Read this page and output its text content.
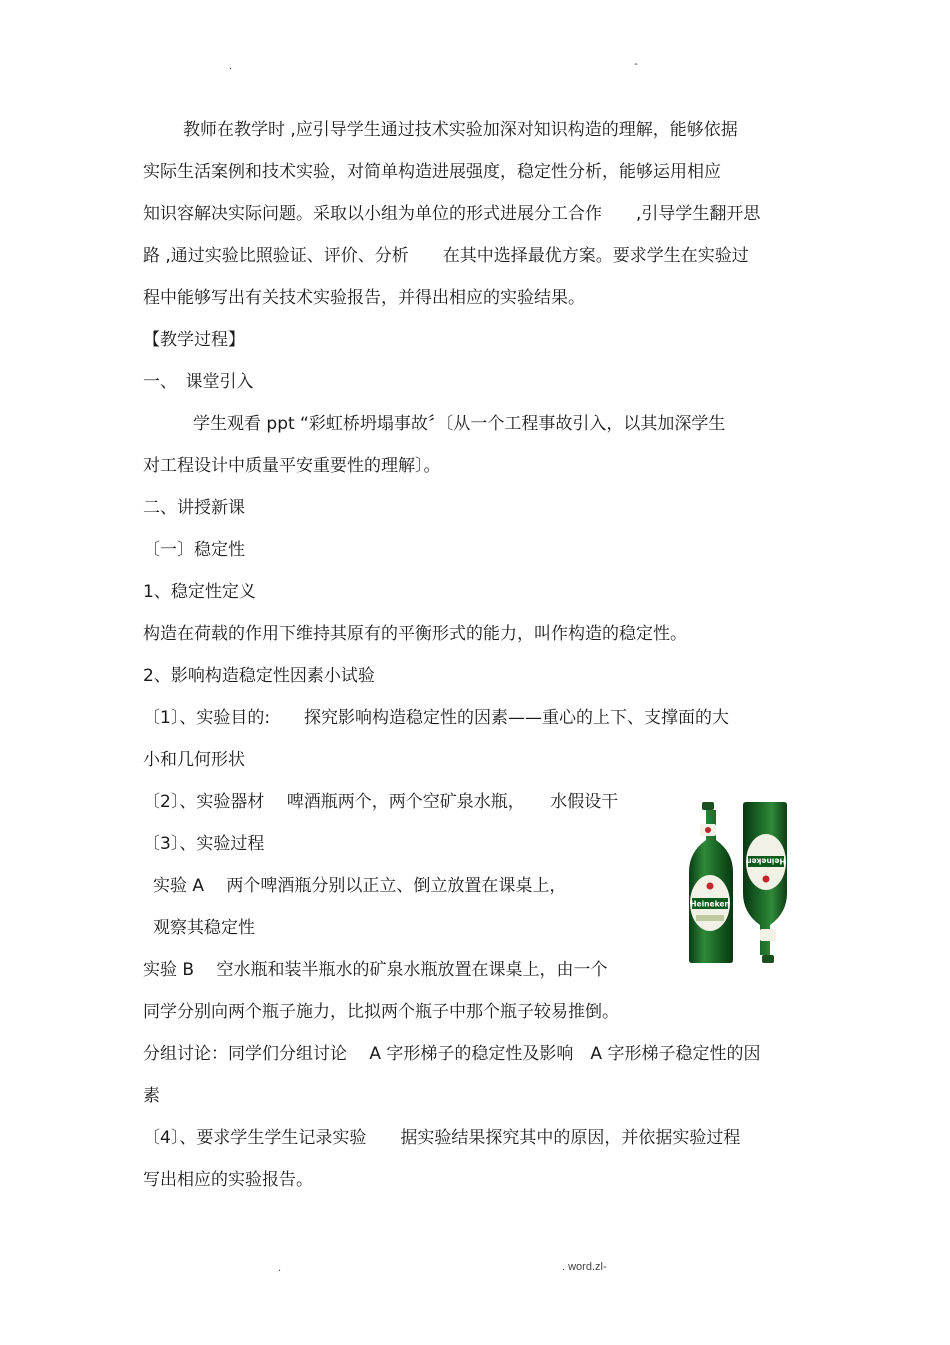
.	-
教师在教学时 ,应引导学生通过技术实验加深对知识构造的理解，能够依据
实际生活案例和技术实验，对简单构造进展强度，稳定性分析，能够运用相应
知识容解决实际问题。采取以小组为单位的形式进展分工合作　　,引导学生翻开思
路 ,通过实验比照验证、评价、分析　　在其中选择最优方案。要求学生在实验过
程中能够写出有关技术实验报告，并得出相应的实验结果。
【教学过程】
一、　课堂引入
学生观看 ppt “彩虹桥坍塌事故〞〔从一个工程事故引入，以其加深学生
对工程设计中质量平安重要性的理解〕。
二、讲授新课
〔一〕稳定性
1、稳定性定义
构造在荷载的作用下维持其原有的平衡形式的能力，叫作构造的稳定性。
2、影响构造稳定性因素小试验
〔1〕、实验目的:　　探究影响构造稳定性的因素——重心的上下、支撑面的大
小和几何形状
〔2〕、实验器材　 啤酒瓶两个，两个空矿泉水瓶，　　水假设干
〔3〕、实验过程
实验 A　 两个啤酒瓶分别以正立、倒立放置在课桌上，
观察其稳定性
实验 B　 空水瓶和装半瓶水的矿泉水瓶放置在课桌上，由一个
同学分别向两个瓶子施力，比拟两个瓶子中那个瓶子较易推倒。
分组讨论：同学们分组讨论　 A 字形梯子的稳定性及影响　A 字形梯子稳定性的因
素
〔4〕、要求学生学生记录实验　　据实验结果探究其中的原因，并依据实验过程
写出相应的实验报告。
Heineken
Heineken
.	. word.zl-
